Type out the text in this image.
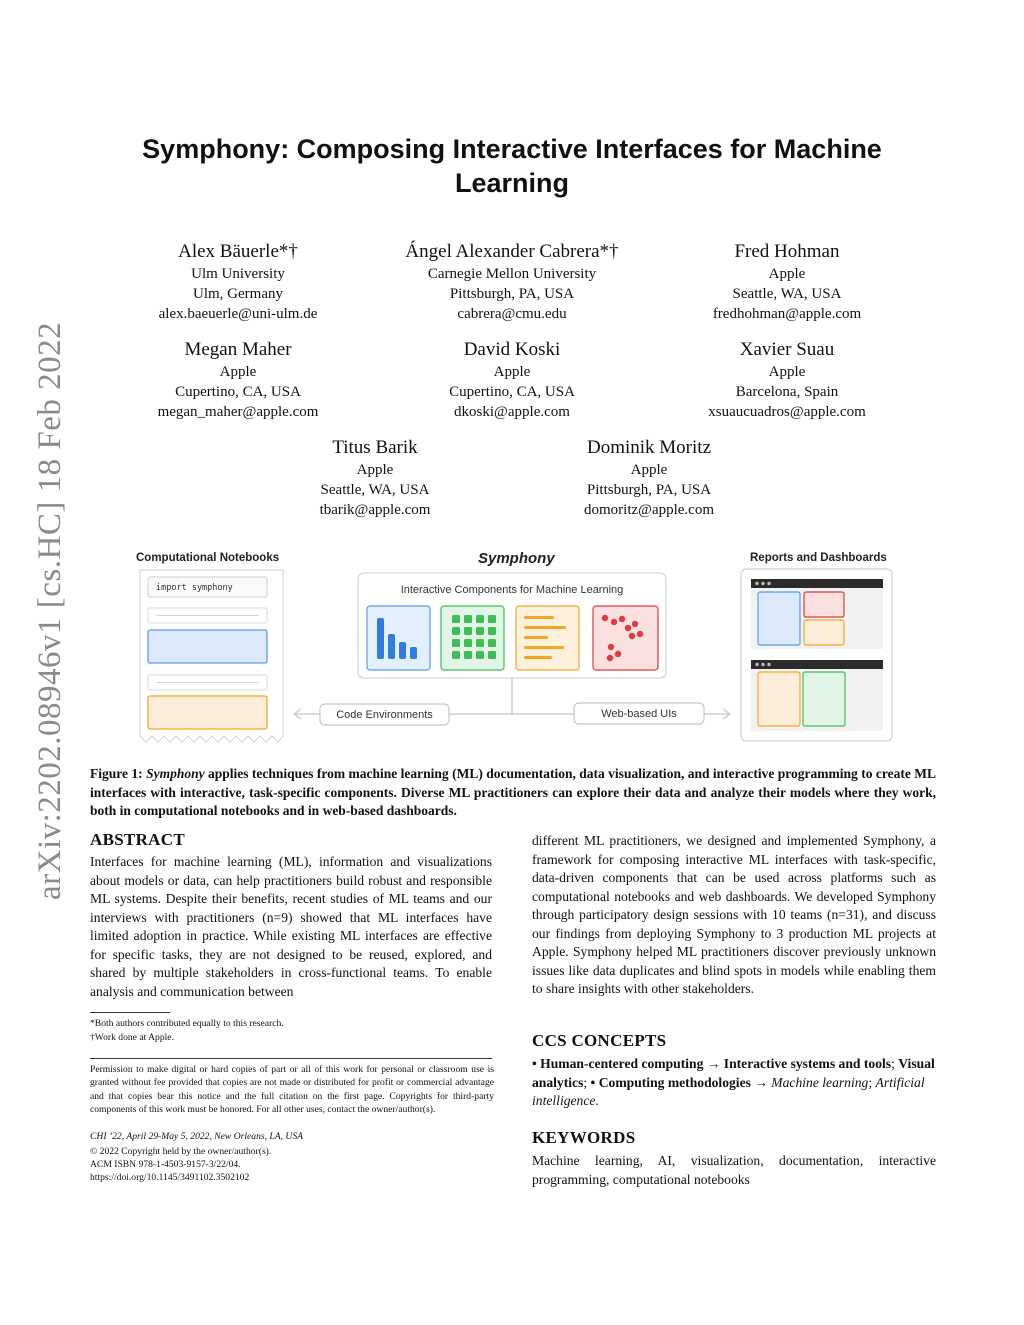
arXiv:2202.08946v1 [cs.HC] 18 Feb 2022
Symphony: Composing Interactive Interfaces for Machine Learning
Alex Bäuerle*†
Ulm University
Ulm, Germany
alex.baeuerle@uni-ulm.de
Ángel Alexander Cabrera*†
Carnegie Mellon University
Pittsburgh, PA, USA
cabrera@cmu.edu
Fred Hohman
Apple
Seattle, WA, USA
fredhohman@apple.com
Megan Maher
Apple
Cupertino, CA, USA
megan_maher@apple.com
David Koski
Apple
Cupertino, CA, USA
dkoski@apple.com
Xavier Suau
Apple
Barcelona, Spain
xsuaucuadros@apple.com
Titus Barik
Apple
Seattle, WA, USA
tbarik@apple.com
Dominik Moritz
Apple
Pittsburgh, PA, USA
domoritz@apple.com
Computational Notebooks	Symphony	Reports and Dashboards
import symphony	Interactive Components for Machine Learning
Code Environments	Web-based UIs
Figure 1: Symphony applies techniques from machine learning (ML) documentation, data visualization, and interactive programming to create ML interfaces with interactive, task-specific components. Diverse ML practitioners can explore their data and analyze their models where they work, both in computational notebooks and in web-based dashboards.
ABSTRACT
Interfaces for machine learning (ML), information and visualizations about models or data, can help practitioners build robust and responsible ML systems. Despite their benefits, recent studies of ML teams and our interviews with practitioners (n=9) showed that ML interfaces have limited adoption in practice. While existing ML interfaces are effective for specific tasks, they are not designed to be reused, explored, and shared by multiple stakeholders in cross-functional teams. To enable analysis and communication between
different ML practitioners, we designed and implemented Symphony, a framework for composing interactive ML interfaces with task-specific, data-driven components that can be used across platforms such as computational notebooks and web dashboards. We developed Symphony through participatory design sessions with 10 teams (n=31), and discuss our findings from deploying Symphony to 3 production ML projects at Apple. Symphony helped ML practitioners discover previously unknown issues like data duplicates and blind spots in models while enabling them to share insights with other stakeholders.
*Both authors contributed equally to this research.
†Work done at Apple.
Permission to make digital or hard copies of part or all of this work for personal or classroom use is granted without fee provided that copies are not made or distributed for profit or commercial advantage and that copies bear this notice and the full citation on the first page. Copyrights for third-party components of this work must be honored. For all other uses, contact the owner/author(s).
CHI ’22, April 29-May 5, 2022, New Orleans, LA, USA
© 2022 Copyright held by the owner/author(s).
ACM ISBN 978-1-4503-9157-3/22/04.
https://doi.org/10.1145/3491102.3502102
CCS CONCEPTS
• Human-centered computing → Interactive systems and tools; Visual analytics; • Computing methodologies → Machine learning; Artificial intelligence.
KEYWORDS
Machine learning, AI, visualization, documentation, interactive programming, computational notebooks
